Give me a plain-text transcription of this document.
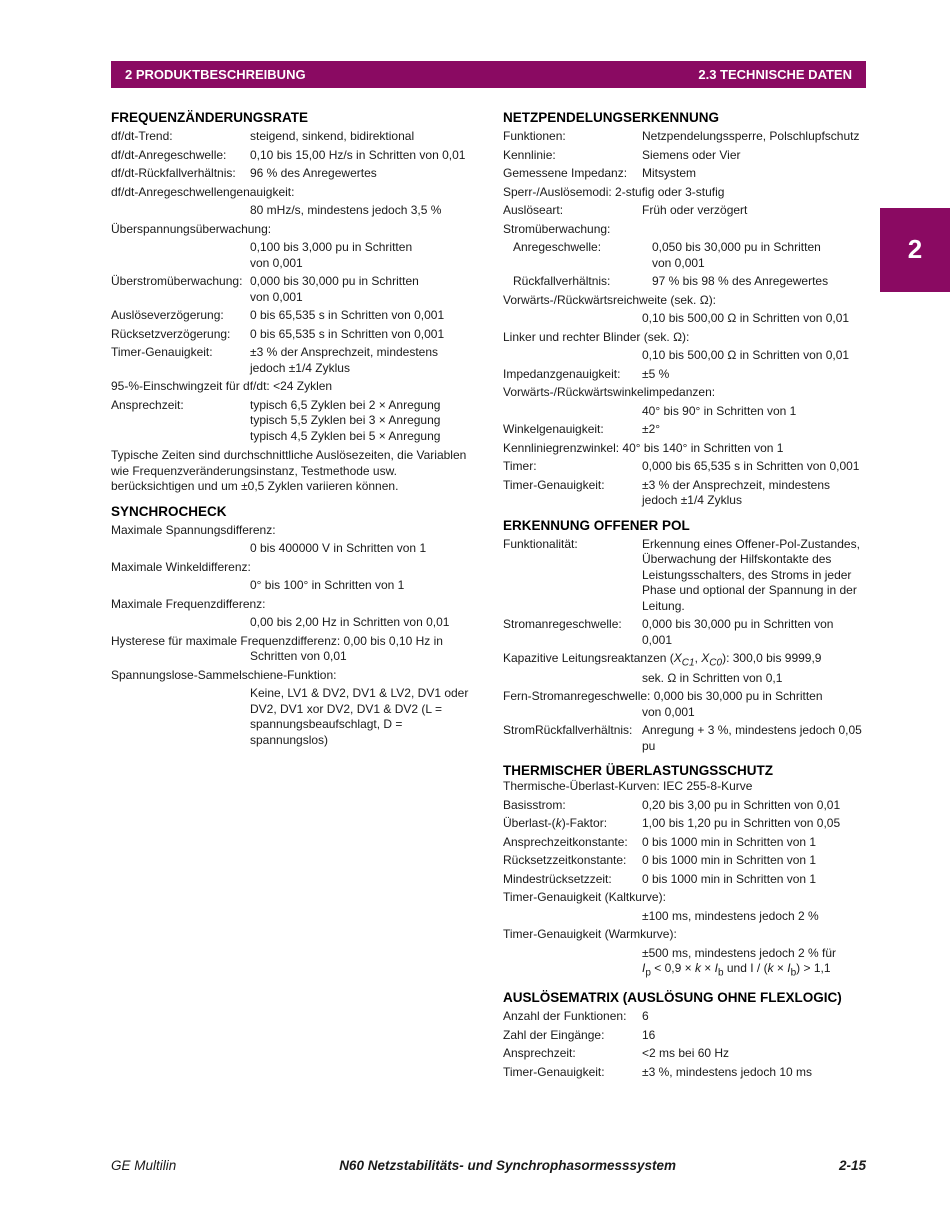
2 PRODUKTBESCHREIBUNG	2.3 TECHNISCHE DATEN
2
FREQUENZÄNDERUNGSRATE
df/dt-Trend:	steigend, sinkend, bidirektional
df/dt-Anregeschwelle:	0,10 bis 15,00 Hz/s in Schritten von 0,01
df/dt-Rückfallverhältnis:	96 % des Anregewertes
df/dt-Anregeschwellengenauigkeit:
80 mHz/s, mindestens jedoch 3,5 %
Überspannungsüberwachung:
0,100 bis 3,000 pu in Schritten von 0,001
Überstromüberwachung: 0,000 bis 30,000 pu in Schritten von 0,001
Auslöseverzögerung:	0 bis 65,535 s in Schritten von 0,001
Rücksetzverzögerung:	0 bis 65,535 s in Schritten von 0,001
Timer-Genauigkeit:	±3 % der Ansprechzeit, mindestens jedoch ±1/4 Zyklus
95-%-Einschwingzeit für df/dt: <24 Zyklen
Ansprechzeit:	typisch 6,5 Zyklen bei 2 × Anregung
typisch 5,5 Zyklen bei 3 × Anregung
typisch 4,5 Zyklen bei 5 × Anregung
Typische Zeiten sind durchschnittliche Auslösezeiten, die Variablen wie Frequenzveränderungsinstanz, Testmethode usw. berücksichtigen und um ±0,5 Zyklen variieren können.
SYNCHROCHECK
Maximale Spannungsdifferenz:
0 bis 400000 V in Schritten von 1
Maximale Winkeldifferenz:
0° bis 100° in Schritten von 1
Maximale Frequenzdifferenz:
0,00 bis 2,00 Hz in Schritten von 0,01
Hysterese für maximale Frequenzdifferenz: 0,00 bis 0,10 Hz in
Schritten von 0,01
Spannungslose-Sammelschiene-Funktion:
Keine, LV1 & DV2, DV1 & LV2, DV1 oder DV2, DV1 xor DV2, DV1 & DV2 (L = spannungsbeaufschlagt, D = spannungslos)
NETZPENDELUNGSERKENNUNG
Funktionen:	Netzpendelungssperre, Polschlupfschutz
Kennlinie:	Siemens oder Vier
Gemessene Impedanz:	Mitsystem
Sperr-/Auslösemodi: 2-stufig oder 3-stufig
Auslöseart:	Früh oder verzögert
Stromüberwachung:
Anregeschwelle:	0,050 bis 30,000 pu in Schritten von 0,001
Rückfallverhältnis:	97 % bis 98 % des Anregewertes
Vorwärts-/Rückwärtsreichweite (sek. Ω):
0,10 bis 500,00 Ω in Schritten von 0,01
Linker und rechter Blinder (sek. Ω):
0,10 bis 500,00 Ω in Schritten von 0,01
Impedanzgenauigkeit:	±5 %
Vorwärts-/Rückwärtswinkelimpedanzen:
40° bis 90° in Schritten von 1
Winkelgenauigkeit:	±2°
Kennliniegrenzwinkel: 40° bis 140° in Schritten von 1
Timer:	0,000 bis 65,535 s in Schritten von 0,001
Timer-Genauigkeit:	±3 % der Ansprechzeit, mindestens jedoch ±1/4 Zyklus
ERKENNUNG OFFENER POL
Funktionalität:	Erkennung eines Offener-Pol-Zustandes, Überwachung der Hilfskontakte des Leistungsschalters, des Stroms in jeder Phase und optional der Spannung in der Leitung.
Stromanregeschwelle:	0,000 bis 30,000 pu in Schritten von 0,001
Kapazitive Leitungsreaktanzen ($X_{C1}$, $X_{C0}$): 300,0 bis 9999,9
sek. Ω in Schritten von 0,1
Fern-Stromanregeschwelle: 0,000 bis 30,000 pu in Schritten
von 0,001
StromRückfallverhältnis: Anregung + 3 %, mindestens jedoch 0,05 pu
THERMISCHER ÜBERLASTUNGSSCHUTZ
Thermische-Überlast-Kurven: IEC 255-8-Kurve
Basisstrom:	0,20 bis 3,00 pu in Schritten von 0,01
Überlast-(k)-Faktor:	1,00 bis 1,20 pu in Schritten von 0,05
Ansprechzeitkonstante:	0 bis 1000 min in Schritten von 1
Rücksetzzeitkonstante:	0 bis 1000 min in Schritten von 1
Mindestrücksetzzeit:	0 bis 1000 min in Schritten von 1
Timer-Genauigkeit (Kaltkurve):
±100 ms, mindestens jedoch 2 %
Timer-Genauigkeit (Warmkurve):
±500 ms, mindestens jedoch 2 % für
$I_p < 0,9 \times k \times I_b$ und $I / (k \times I_b) > 1,1$
AUSLÖSEMATRIX (AUSLÖSUNG OHNE FLEXLOGIC)
Anzahl der Funktionen:	6
Zahl der Eingänge:	16
Ansprechzeit:	<2 ms bei 60 Hz
Timer-Genauigkeit:	±3 %, mindestens jedoch 10 ms
GE Multilin	N60 Netzstabilitäts- und Synchrophasormesssystem	2-15
